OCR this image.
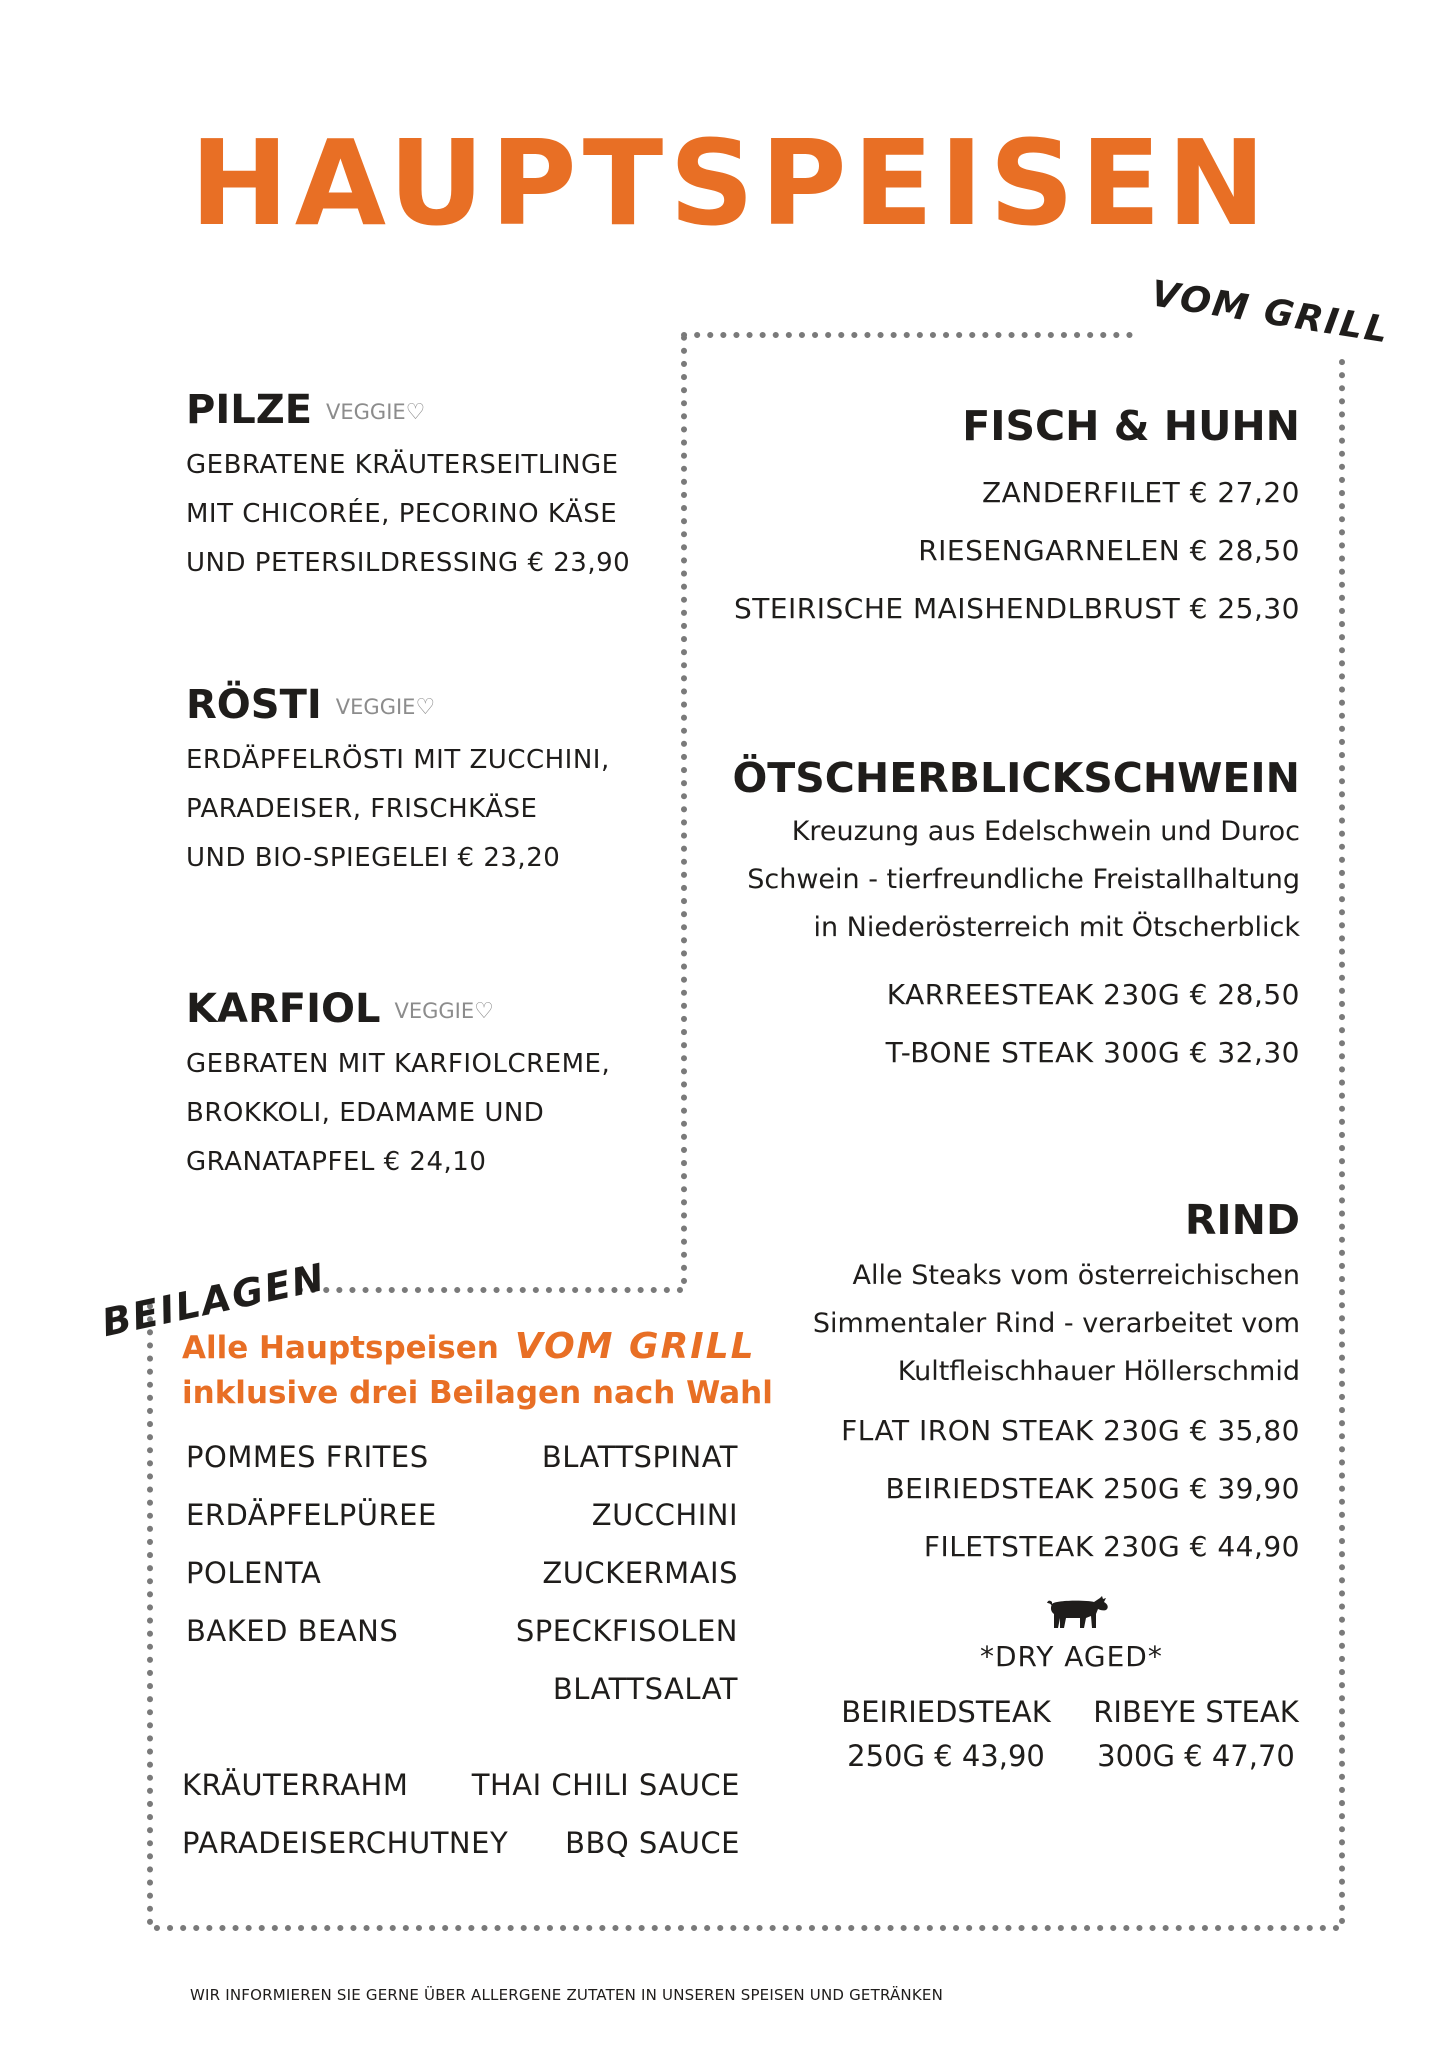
HAUPTSPEISEN
VOM GRILL
BEILAGEN
PILZE VEGGIE♡
GEBRATENE KRÄUTERSEITLINGE
MIT CHICORÉE, PECORINO KÄSE
UND PETERSILDRESSING € 23,90
RÖSTI VEGGIE♡
ERDÄPFELRÖSTI MIT ZUCCHINI,
PARADEISER, FRISCHKÄSE
UND BIO-SPIEGELEI € 23,20
KARFIOL VEGGIE♡
GEBRATEN MIT KARFIOLCREME,
BROKKOLI, EDAMAME UND
GRANATAPFEL € 24,10
FISCH & HUHN
ZANDERFILET € 27,20
RIESENGARNELEN € 28,50
STEIRISCHE MAISHENDLBRUST € 25,30
ÖTSCHERBLICKSCHWEIN
Kreuzung aus Edelschwein und Duroc
Schwein - tierfreundliche Freistallhaltung
in Niederösterreich mit Ötscherblick
KARREESTEAK 230G € 28,50
T-BONE STEAK 300G € 32,30
RIND
Alle Steaks vom österreichischen
Simmentaler Rind - verarbeitet vom
Kultfleischhauer Höllerschmid
FLAT IRON STEAK 230G € 35,80
BEIRIEDSTEAK 250G € 39,90
FILETSTEAK 230G € 44,90
*DRY AGED*
BEIRIEDSTEAK
250G € 43,90
RIBEYE STEAK
300G € 47,70
Alle Hauptspeisen VOM GRILL
inklusive drei Beilagen nach Wahl
POMMES FRITES
ERDÄPFELPÜREE
POLENTA
BAKED BEANS
BLATTSPINAT
ZUCCHINI
ZUCKERMAIS
SPECKFISOLEN
BLATTSALAT
KRÄUTERRAHM
PARADEISERCHUTNEY
THAI CHILI SAUCE
BBQ SAUCE
WIR INFORMIEREN SIE GERNE ÜBER ALLERGENE ZUTATEN IN UNSEREN SPEISEN UND GETRÄNKEN
